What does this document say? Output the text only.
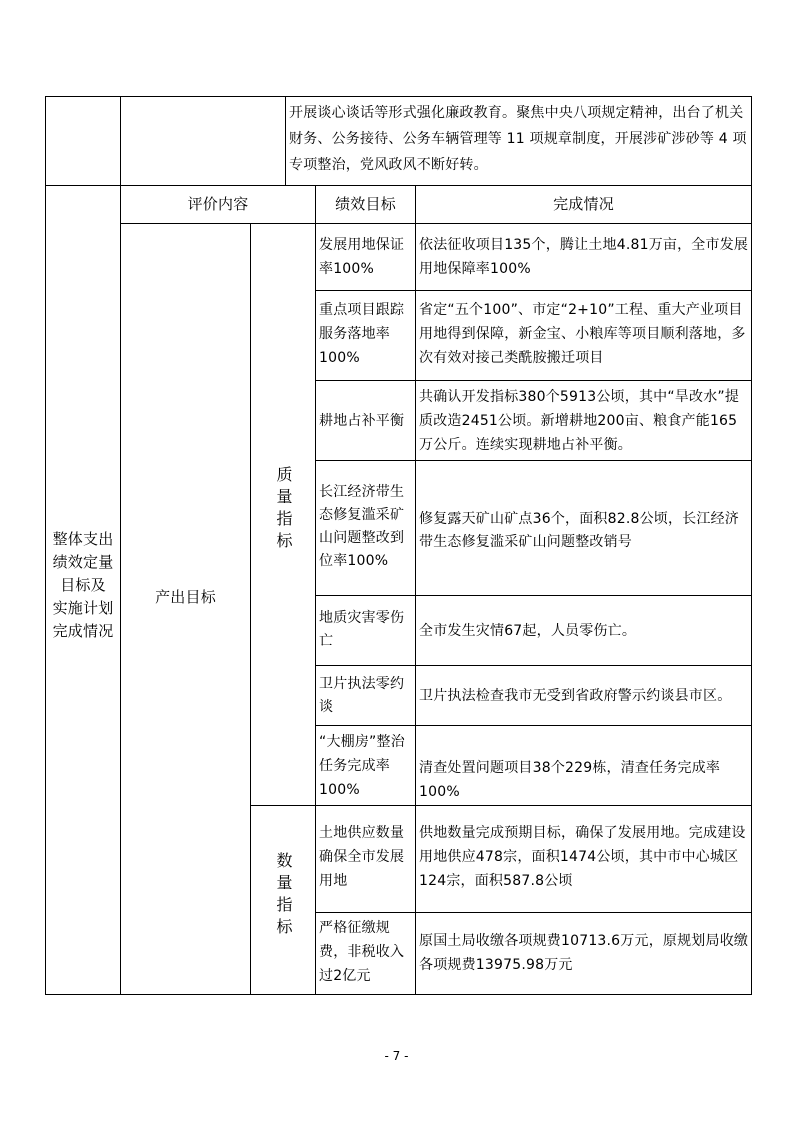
开展谈心谈话等形式强化廉政教育。聚焦中央八项规定精神，出台了机关财务、公务接待、公务车辆管理等 11 项规章制度，开展涉矿涉砂等 4 项专项整治，党风政风不断好转。
整体支出
绩效定量
目标及
实施计划
完成情况
评价内容	绩效目标	完成情况
产出目标
质量指标
数量指标
发展用地保证率100%
依法征收项目135个，腾让土地4.81万亩，全市发展用地保障率100%
重点项目跟踪服务落地率100%
省定“五个100”、市定“2+10”工程、重大产业项目用地得到保障，新金宝、小粮库等项目顺利落地，多次有效对接己类酰胺搬迁项目
耕地占补平衡
共确认开发指标380个5913公顷，其中“旱改水”提质改造2451公顷。新增耕地200亩、粮食产能165万公斤。连续实现耕地占补平衡。
长江经济带生态修复滥采矿山问题整改到位率100%
修复露天矿山矿点36个，面积82.8公顷，长江经济带生态修复滥采矿山问题整改销号
地质灾害零伤亡
全市发生灾情67起，人员零伤亡。
卫片执法零约谈
卫片执法检查我市无受到省政府警示约谈县市区。
“大棚房”整治任务完成率100%
清查处置问题项目38个229栋，清查任务完成率100%
土地供应数量确保全市发展用地
供地数量完成预期目标，确保了发展用地。完成建设用地供应478宗，面积1474公顷，其中市中心城区124宗，面积587.8公顷
严格征缴规费，非税收入过2亿元
原国土局收缴各项规费10713.6万元，原规划局收缴各项规费13975.98万元
- 7 -
